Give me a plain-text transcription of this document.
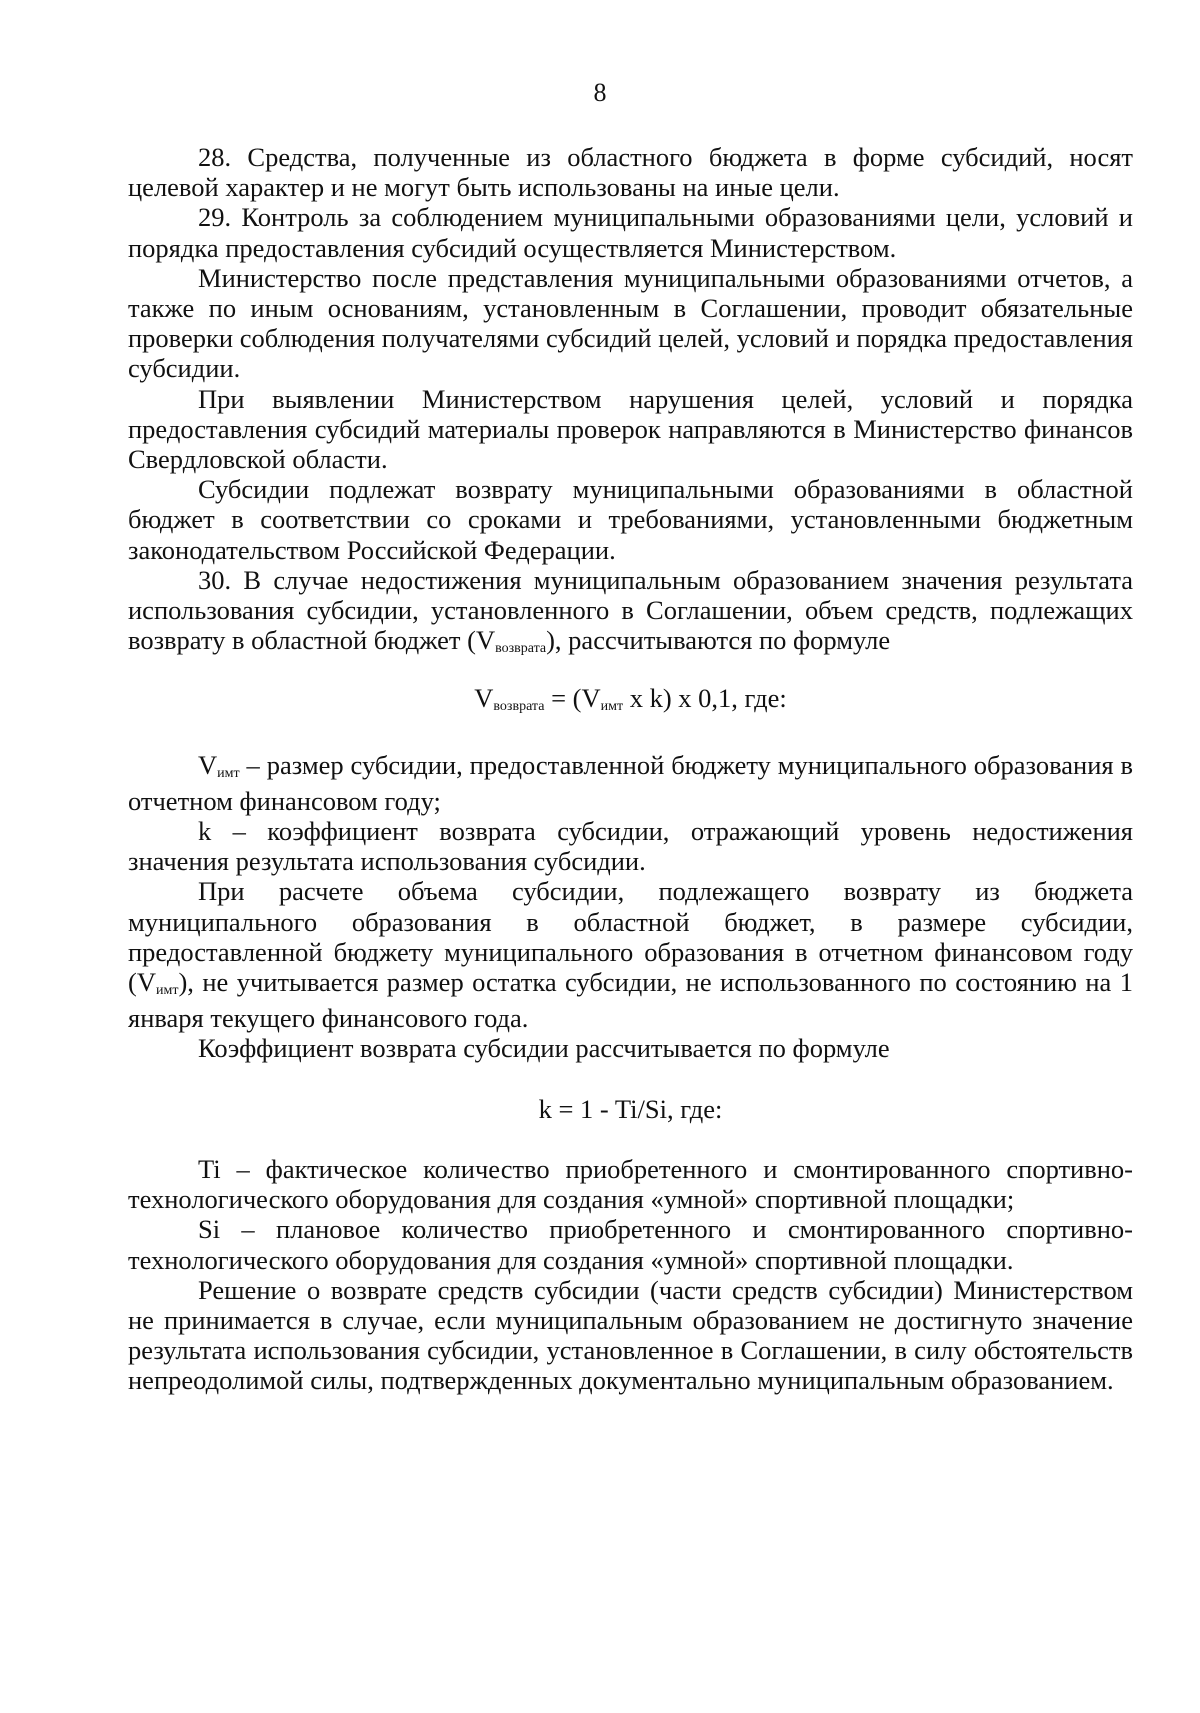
8

28. Средства, полученные из областного бюджета в форме субсидий, носят целевой характер и не могут быть использованы на иные цели.

29. Контроль за соблюдением муниципальными образованиями цели, условий и порядка предоставления субсидий осуществляется Министерством.

Министерство после представления муниципальными образованиями отчетов, а также по иным основаниям, установленным в Соглашении, проводит обязательные проверки соблюдения получателями субсидий целей, условий и порядка предоставления субсидии.

При выявлении Министерством нарушения целей, условий и порядка предоставления субсидий материалы проверок направляются в Министерство финансов Свердловской области.

Субсидии подлежат возврату муниципальными образованиями в областной бюджет в соответствии со сроками и требованиями, установленными бюджетным законодательством Российской Федерации.

30. В случае недостижения муниципальным образованием значения результата использования субсидии, установленного в Соглашении, объем средств, подлежащих возврату в областной бюджет (Vвозврата), рассчитываются по формуле

Vвозврата = (Vимт x k) x 0,1, где:

Vимт – размер субсидии, предоставленной бюджету муниципального образования в отчетном финансовом году;

k – коэффициент возврата субсидии, отражающий уровень недостижения значения результата использования субсидии.

При расчете объема субсидии, подлежащего возврату из бюджета муниципального образования в областной бюджет, в размере субсидии, предоставленной бюджету муниципального образования в отчетном финансовом году (Vимт), не учитывается размер остатка субсидии, не использованного по состоянию на 1 января текущего финансового года.

Коэффициент возврата субсидии рассчитывается по формуле

k = 1 - Ti/Si, где:

Ti – фактическое количество приобретенного и смонтированного спортивно-технологического оборудования для создания «умной» спортивной площадки;

Si – плановое количество приобретенного и смонтированного спортивно-технологического оборудования для создания «умной» спортивной площадки.

Решение о возврате средств субсидии (части средств субсидии) Министерством не принимается в случае, если муниципальным образованием не достигнуто значение результата использования субсидии, установленное в Соглашении, в силу обстоятельств непреодолимой силы, подтвержденных документально муниципальным образованием.
